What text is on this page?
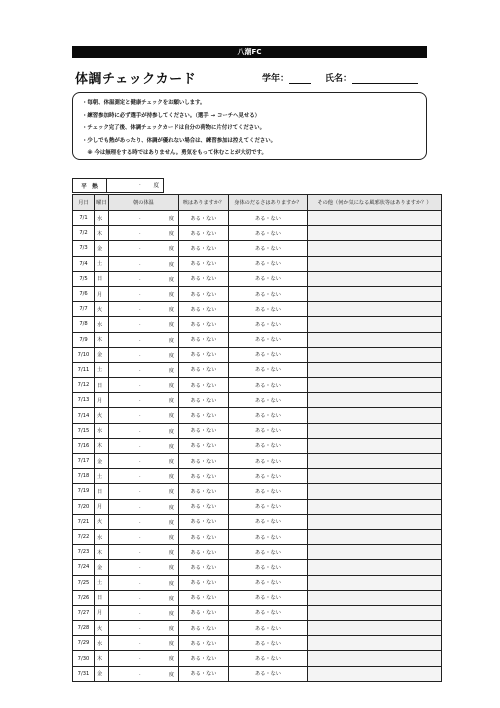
八潮FC
体調チェックカード	学年：	氏名：
・毎朝、体温測定と健康チェックをお願いします。
・練習参加時に必ず選手が持参してください。（選手 → コーチへ見せる）
・チェック完了後、体調チェックカードは自分の荷物に片付けてください。
・少しでも熱があったり、体調が優れない場合は、練習参加は控えてください。
　※ 今は無理をする時ではありません。勇気をもって休むことが大切です。
平　熱	. 度
月日	曜日	朝の体温	咳はありますか？	身体のだるさはありますか？	その他（何か気になる風邪状等はありますか？）
7/1	水	. 度	ある・ない	ある・ない	
7/2	木	. 度	ある・ない	ある・ない	
7/3	金	. 度	ある・ない	ある・ない	
7/4	土	. 度	ある・ない	ある・ない	
7/5	日	. 度	ある・ない	ある・ない	
7/6	月	. 度	ある・ない	ある・ない	
7/7	火	. 度	ある・ない	ある・ない	
7/8	水	. 度	ある・ない	ある・ない	
7/9	木	. 度	ある・ない	ある・ない	
7/10	金	. 度	ある・ない	ある・ない	
7/11	土	. 度	ある・ない	ある・ない	
7/12	日	. 度	ある・ない	ある・ない	
7/13	月	. 度	ある・ない	ある・ない	
7/14	火	. 度	ある・ない	ある・ない	
7/15	水	. 度	ある・ない	ある・ない	
7/16	木	. 度	ある・ない	ある・ない	
7/17	金	. 度	ある・ない	ある・ない	
7/18	土	. 度	ある・ない	ある・ない	
7/19	日	. 度	ある・ない	ある・ない	
7/20	月	. 度	ある・ない	ある・ない	
7/21	火	. 度	ある・ない	ある・ない	
7/22	水	. 度	ある・ない	ある・ない	
7/23	木	. 度	ある・ない	ある・ない	
7/24	金	. 度	ある・ない	ある・ない	
7/25	土	. 度	ある・ない	ある・ない	
7/26	日	. 度	ある・ない	ある・ない	
7/27	月	. 度	ある・ない	ある・ない	
7/28	火	. 度	ある・ない	ある・ない	
7/29	水	. 度	ある・ない	ある・ない	
7/30	木	. 度	ある・ない	ある・ない	
7/31	金	. 度	ある・ない	ある・ない	
